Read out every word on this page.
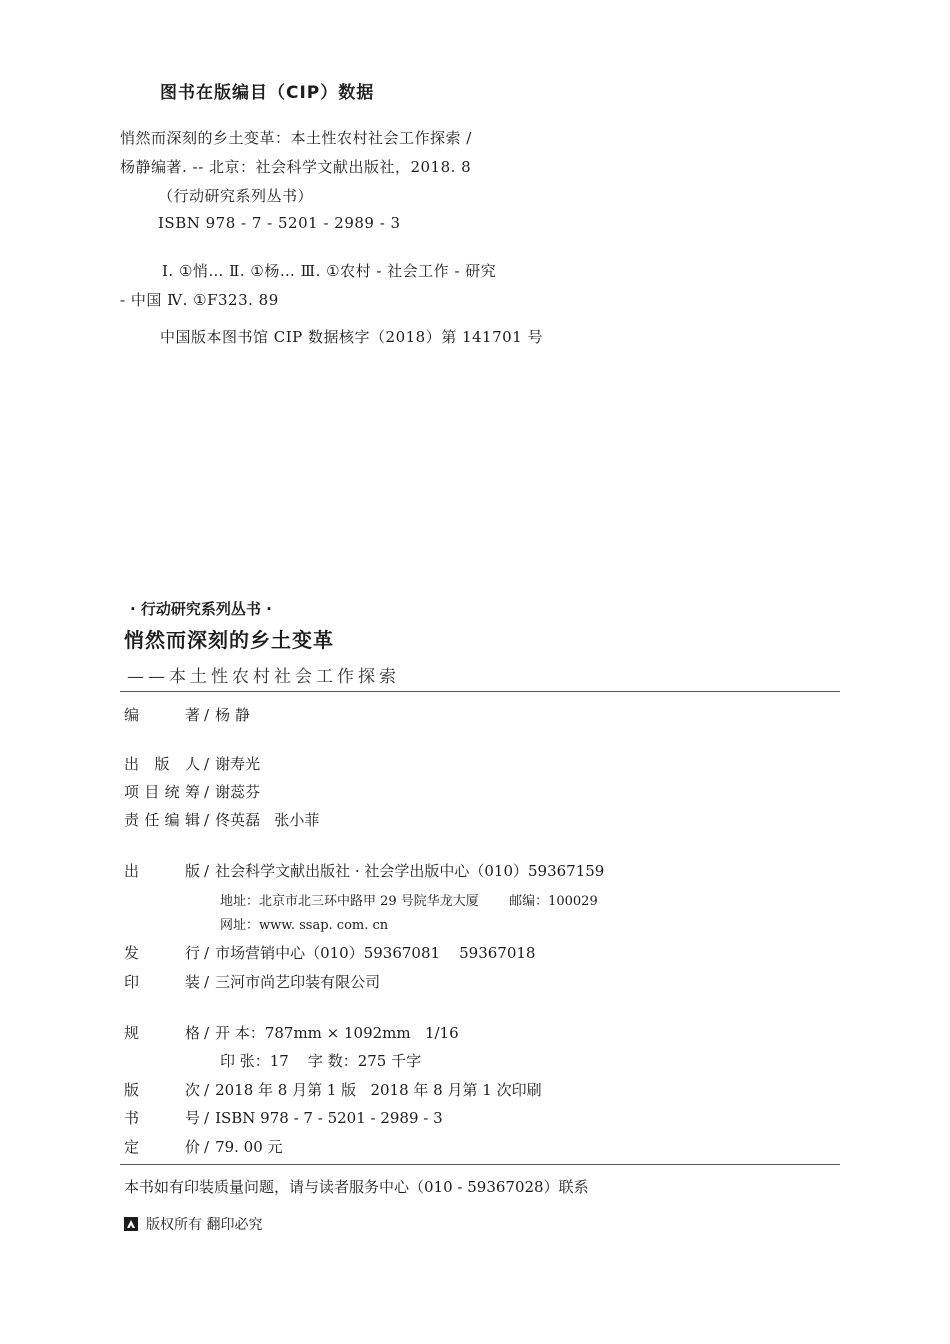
图书在版编目（CIP）数据
悄然而深刻的乡土变革：本土性农村社会工作探索 /
杨静编著. -- 北京：社会科学文献出版社，2018. 8
（行动研究系列丛书）
ISBN 978 - 7 - 5201 - 2989 - 3
Ⅰ. ①悄… Ⅱ. ①杨… Ⅲ. ①农村 - 社会工作 - 研究
- 中国 Ⅳ. ①F323. 89
中国版本图书馆 CIP 数据核字（2018）第 141701 号
· 行动研究系列丛书 ·
悄然而深刻的乡土变革
——本土性农村社会工作探索
编著 / 杨 静
出版人 / 谢寿光
项目统筹 / 谢蕊芬
责任编辑 / 佟英磊   张小菲
出版 / 社会科学文献出版社 · 社会学出版中心（010）59367159
地址：北京市北三环中路甲 29 号院华龙大厦 邮编：100029
网址：www. ssap. com. cn
发行 / 市场营销中心（010）59367081    59367018
印装 / 三河市尚艺印装有限公司
规格 / 开 本：787mm × 1092mm   1/16
印 张：17    字 数：275 千字
版次 / 2018 年 8 月第 1 版   2018 年 8 月第 1 次印刷
书号 / ISBN 978 - 7 - 5201 - 2989 - 3
定价 / 79. 00 元
本书如有印装质量问题，请与读者服务中心（010 - 59367028）联系
版权所有 翻印必究
